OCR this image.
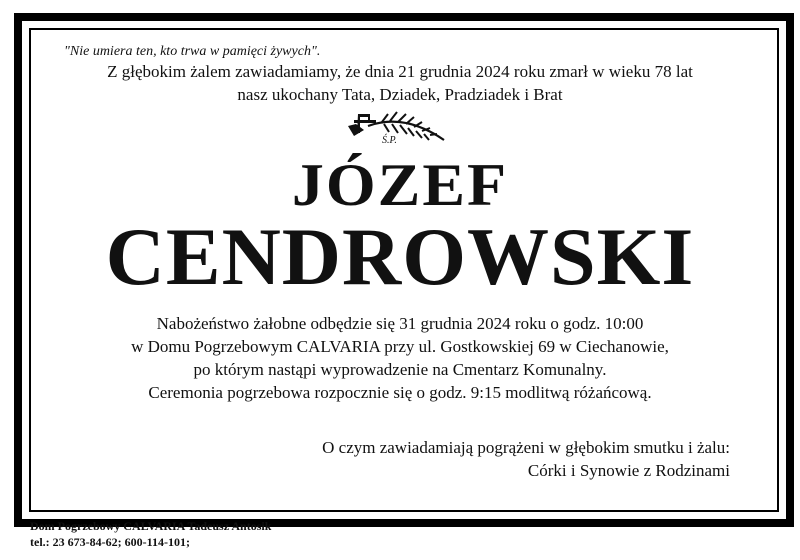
"Nie umiera ten, kto trwa w pamięci żywych".
Z głębokim żalem zawiadamiamy, że dnia 21 grudnia 2024 roku zmarł w wieku 78 lat
nasz ukochany Tata, Dziadek, Pradziadek i Brat
Ś.P.
JÓZEF
CENDROWSKI
Nabożeństwo żałobne odbędzie się 31 grudnia 2024 roku o godz. 10:00
w Domu Pogrzebowym CALVARIA przy ul. Gostkowskiej 69 w Ciechanowie,
po którym nastąpi wyprowadzenie na Cmentarz Komunalny.
Ceremonia pogrzebowa rozpocznie się o godz. 9:15 modlitwą różańcową.
O czym zawiadamiają pogrążeni w głębokim smutku i żalu:
Córki i Synowie z Rodzinami
Dom Pogrzebowy CALVARIA Tadeusz Antosik
tel.: 23 673-84-62; 600-114-101;
